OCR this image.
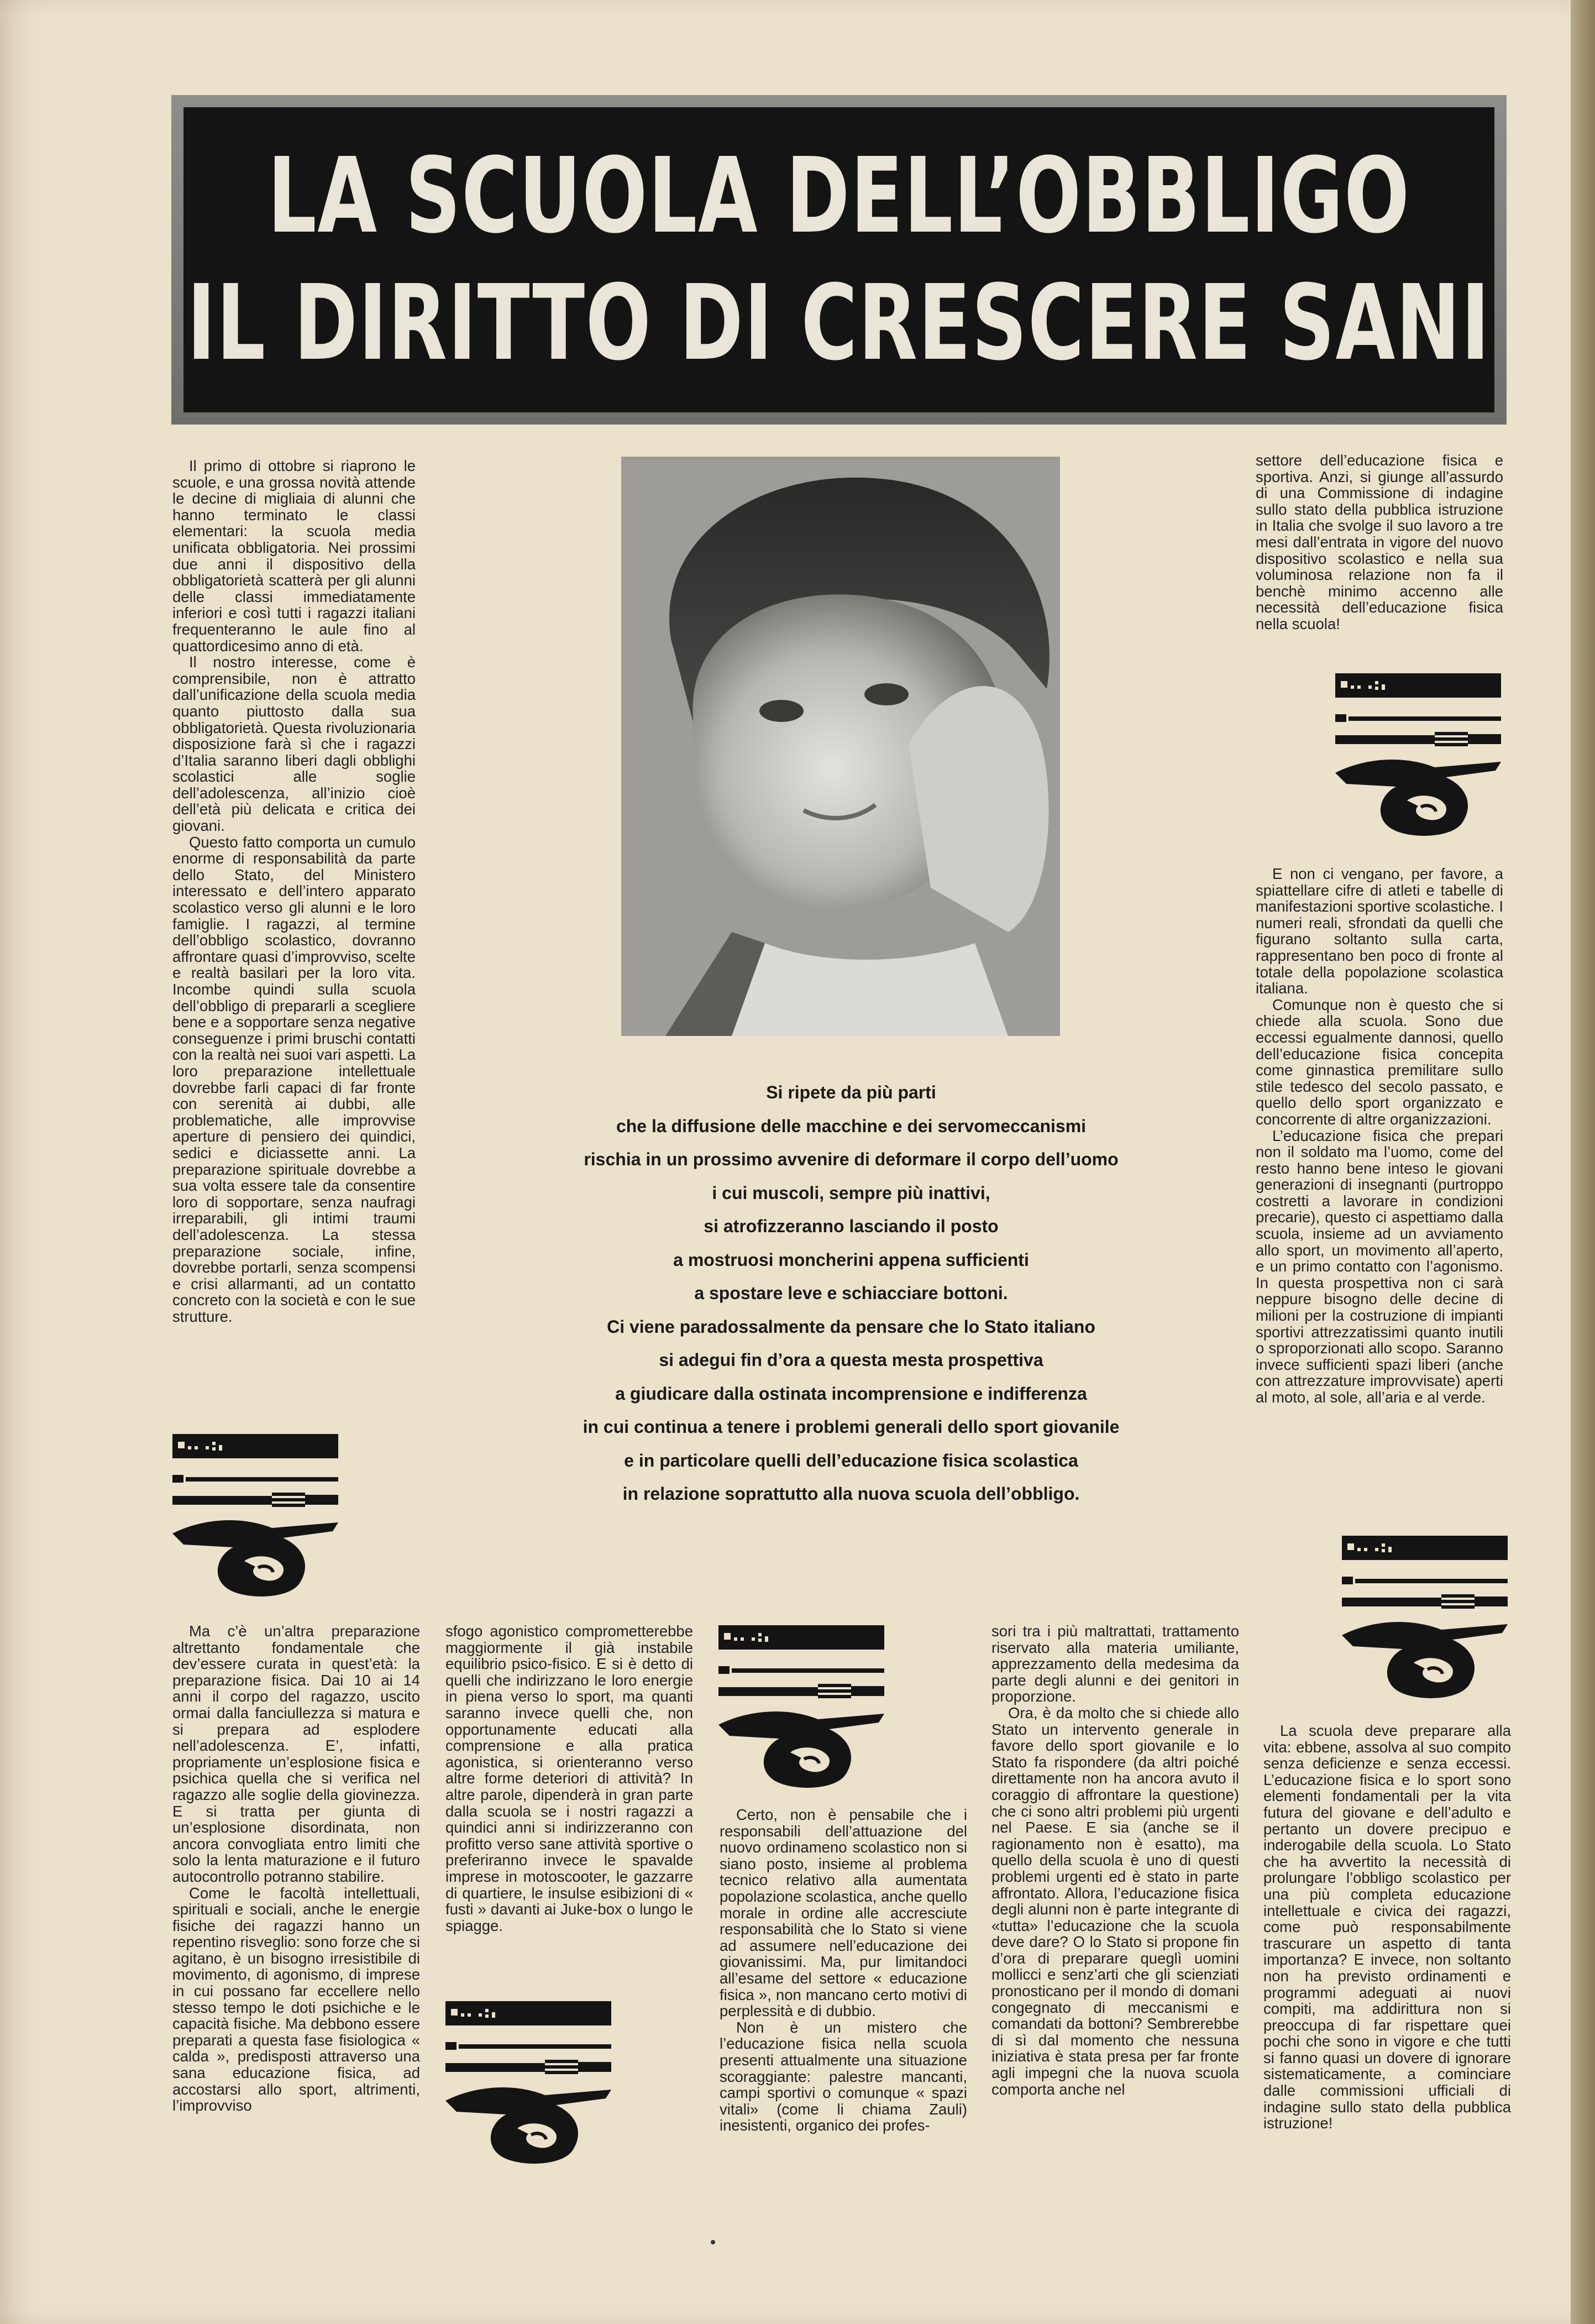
LA SCUOLA DELL’OBBLIGO
IL DIRITTO DI CRESCERE SANI

Il primo di ottobre si riaprono le scuole, e una grossa novità attende le decine di migliaia di alunni che hanno terminato le classi elementari: la scuola media unificata obbligatoria. Nei prossimi due anni il dispositivo della obbligatorietà scatterà per gli alunni delle classi immediatamente inferiori e così tutti i ragazzi italiani frequenteranno le aule fino al quattordicesimo anno di età.

Il nostro interesse, come è comprensibile, non è attratto dall’unificazione della scuola media quanto piuttosto dalla sua obbligatorietà. Questa rivoluzionaria disposizione farà sì che i ragazzi d’Italia saranno liberi dagli obblighi scolastici alle soglie dell’adolescenza, all’inizio cioè dell’età più delicata e critica dei giovani.

Questo fatto comporta un cumulo enorme di responsabilità da parte dello Stato, del Ministero interessato e dell’intero apparato scolastico verso gli alunni e le loro famiglie. I ragazzi, al termine dell’obbligo scolastico, dovranno affrontare quasi d’improvviso, scelte e realtà basilari per la loro vita. Incombe quindi sulla scuola dell’obbligo di prepararli a scegliere bene e a sopportare senza negative conseguenze i primi bruschi contatti con la realtà nei suoi vari aspetti. La loro preparazione intellettuale dovrebbe farli capaci di far fronte con serenità ai dubbi, alle problematiche, alle improvvise aperture di pensiero dei quindici, sedici e diciassette anni. La preparazione spirituale dovrebbe a sua volta essere tale da consentire loro di sopportare, senza naufragi irreparabili, gli intimi traumi dell’adolescenza. La stessa preparazione sociale, infine, dovrebbe portarli, senza scompensi e crisi allarmanti, ad un contatto concreto con la società e con le sue strutture.

Si ripete da più parti
che la diffusione delle macchine e dei servomeccanismi
rischia in un prossimo avvenire di deformare il corpo dell’uomo
i cui muscoli, sempre più inattivi,
si atrofizzeranno lasciando il posto
a mostruosi moncherini appena sufficienti
a spostare leve e schiacciare bottoni.
Ci viene paradossalmente da pensare che lo Stato italiano
si adegui fin d’ora a questa mesta prospettiva
a giudicare dalla ostinata incomprensione e indifferenza
in cui continua a tenere i problemi generali dello sport giovanile
e in particolare quelli dell’educazione fisica scolastica
in relazione soprattutto alla nuova scuola dell’obbligo.

settore dell’educazione fisica e sportiva. Anzi, si giunge all’assurdo di una Commissione di indagine sullo stato della pubblica istruzione in Italia che svolge il suo lavoro a tre mesi dall’entrata in vigore del nuovo dispositivo scolastico e nella sua voluminosa relazione non fa il benchè minimo accenno alle necessità dell’educazione fisica nella scuola!

E non ci vengano, per favore, a spiattellare cifre di atleti e tabelle di manifestazioni sportive scolastiche. I numeri reali, sfrondati da quelli che figurano soltanto sulla carta, rappresentano ben poco di fronte al totale della popolazione scolastica italiana.

Comunque non è questo che si chiede alla scuola. Sono due eccessi egualmente dannosi, quello dell’educazione fisica concepita come ginnastica premilitare sullo stile tedesco del secolo passato, e quello dello sport organizzato e concorrente di altre organizzazioni.

L’educazione fisica che prepari non il soldato ma l’uomo, come del resto hanno bene inteso le giovani generazioni di insegnanti (purtroppo costretti a lavorare in condizioni precarie), questo ci aspettiamo dalla scuola, insieme ad un avviamento allo sport, un movimento all’aperto, e un primo contatto con l’agonismo. In questa prospettiva non ci sarà neppure bisogno delle decine di milioni per la costruzione di impianti sportivi attrezzatissimi quanto inutili o sproporzionati allo scopo. Saranno invece sufficienti spazi liberi (anche con attrezzature improvvisate) aperti al moto, al sole, all’aria e al verde.

Ma c’è un’altra preparazione altrettanto fondamentale che dev’essere curata in quest’età: la preparazione fisica. Dai 10 ai 14 anni il corpo del ragazzo, uscito ormai dalla fanciullezza si matura e si prepara ad esplodere nell’adolescenza. E’, infatti, propriamente un’esplosione fisica e psichica quella che si verifica nel ragazzo alle soglie della giovinezza. E si tratta per giunta di un’esplosione disordinata, non ancora convogliata entro limiti che solo la lenta maturazione e il futuro autocontrollo potranno stabilire.

Come le facoltà intellettuali, spirituali e sociali, anche le energie fisiche dei ragazzi hanno un repentino risveglio: sono forze che si agitano, è un bisogno irresistibile di movimento, di agonismo, di imprese in cui possano far eccellere nello stesso tempo le doti psichiche e le capacità fisiche. Ma debbono essere preparati a questa fase fisiologica « calda », predisposti attraverso una sana educazione fisica, ad accostarsi allo sport, altrimenti, l’improvviso

sfogo agonistico comprometterebbe maggiormente il già instabile equilibrio psico-fisico. E si è detto di quelli che indirizzano le loro energie in piena verso lo sport, ma quanti saranno invece quelli che, non opportunamente educati alla comprensione e alla pratica agonistica, si orienteranno verso altre forme deteriori di attività? In altre parole, dipenderà in gran parte dalla scuola se i nostri ragazzi a quindici anni si indirizzeranno con profitto verso sane attività sportive o preferiranno invece le spavalde imprese in motoscooter, le gazzarre di quartiere, le insulse esibizioni di « fusti » davanti ai Juke-box o lungo le spiagge.

Certo, non è pensabile che i responsabili dell’attuazione del nuovo ordinameno scolastico non si siano posto, insieme al problema tecnico relativo alla aumentata popolazione scolastica, anche quello morale in ordine alle accresciute responsabilità che lo Stato si viene ad assumere nell’educazione dei giovanissimi. Ma, pur limitandoci all’esame del settore « educazione fisica », non mancano certo motivi di perplessità e di dubbio.

Non è un mistero che l’educazione fisica nella scuola presenti attualmente una situazione scoraggiante: palestre mancanti, campi sportivi o comunque « spazi vitali» (come li chiama Zauli) inesistenti, organico dei profes-

sori tra i più maltrattati, trattamento riservato alla materia umiliante, apprezzamento della medesima da parte degli alunni e dei genitori in proporzione.

Ora, è da molto che si chiede allo Stato un intervento generale in favore dello sport giovanile e lo Stato fa rispondere (da altri poiché direttamente non ha ancora avuto il coraggio di affrontare la questione) che ci sono altri problemi più urgenti nel Paese. E sia (anche se il ragionamento non è esatto), ma quello della scuola è uno di questi problemi urgenti ed è stato in parte affrontato. Allora, l’educazione fisica degli alunni non è parte integrante di «tutta» l’educazione che la scuola deve dare? O lo Stato si propone fin d’ora di preparare queglì uomini mollicci e senz’arti che gli scienziati pronosticano per il mondo di domani congegnato di meccanismi e comandati da bottoni? Sembrerebbe di sì dal momento che nessuna iniziativa è stata presa per far fronte agli impegni che la nuova scuola comporta anche nel

La scuola deve preparare alla vita: ebbene, assolva al suo compito senza deficienze e senza eccessi. L’educazione fisica e lo sport sono elementi fondamentali per la vita futura del giovane e dell’adulto e pertanto un dovere precipuo e inderogabile della scuola. Lo Stato che ha avvertito la necessità di prolungare l’obbligo scolastico per una più completa educazione intellettuale e civica dei ragazzi, come può responsabilmente trascurare un aspetto di tanta importanza? E invece, non soltanto non ha previsto ordinamenti e programmi adeguati ai nuovi compiti, ma addirittura non si preoccupa di far rispettare quei pochi che sono in vigore e che tutti si fanno quasi un dovere di ignorare sistematicamente, a cominciare dalle commissioni ufficiali di indagine sullo stato della pubblica istruzione!
